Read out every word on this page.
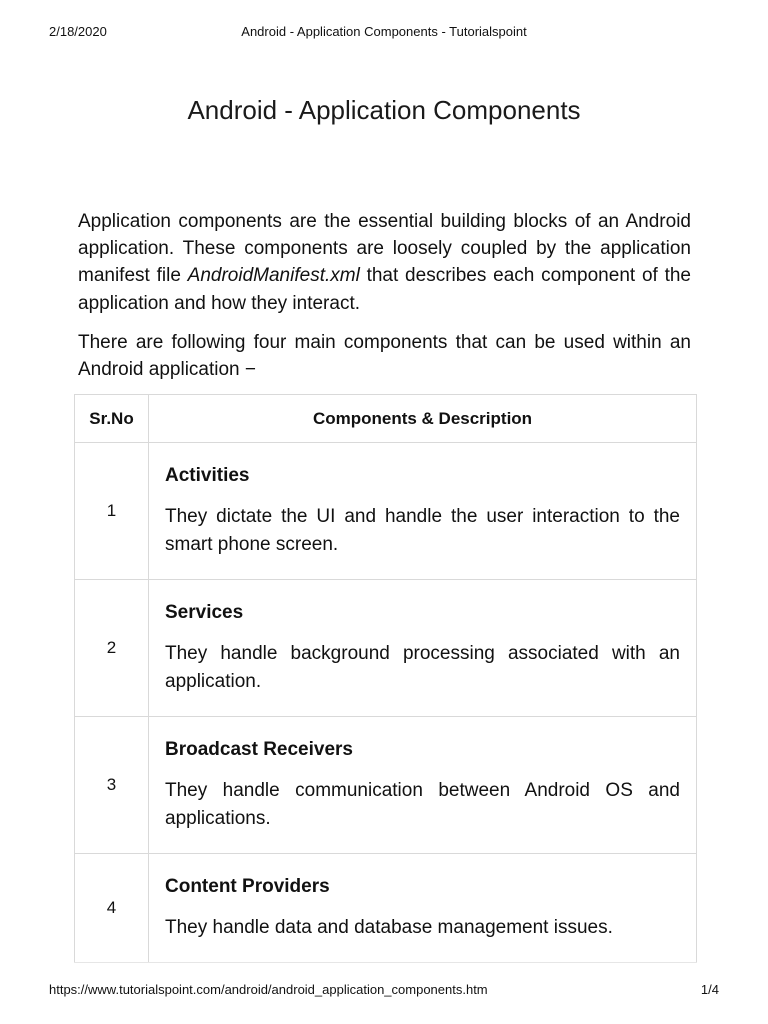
Android - Application Components - Tutorialspoint
2/18/2020
Android - Application Components

Application components are the essential building blocks of an Android application. These components are loosely coupled by the application manifest file AndroidManifest.xml that describes each component of the application and how they interact.

There are following four main components that can be used within an Android application −

Sr.No	Components & Description
1	Activities

They dictate the UI and handle the user interaction to the smart phone screen.

2	Services

They handle background processing associated with an application.

3	Broadcast Receivers

They handle communication between Android OS and applications.

4	Content Providers

They handle data and database management issues.

https://www.tutorialspoint.com/android/android_application_components.htm	1/4
